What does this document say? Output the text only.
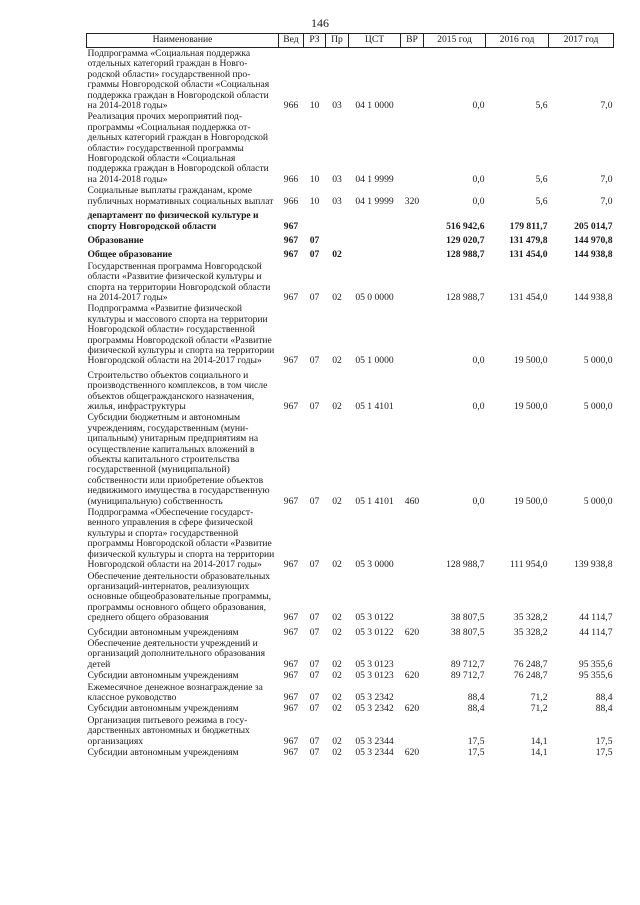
146
Наименование	Вед	РЗ	Пр	ЦСТ	ВР	2015 год	2016 год	2017 год
Подпрограмма «Социальная поддержка отдельных категорий граждан в Новгородской области» государственной программы Новгородской области «Социальная поддержка граждан в Новгородской области на 2014-2018 годы»	966	10	03	04 1 0000		0,0	5,6	7,0
Реализация прочих мероприятий подпрограммы «Социальная поддержка отдельных категорий граждан в Новгородской области» государственной программы Новгородской области «Социальная поддержка граждан в Новгородской области на 2014-2018 годы»	966	10	03	04 1 9999		0,0	5,6	7,0
Социальные выплаты гражданам, кроме публичных нормативных социальных выплат	966	10	03	04 1 9999	320	0,0	5,6	7,0
департамент по физической культуре и спорту Новгородской области	967					516 942,6	179 811,7	205 014,7
Образование	967	07				129 020,7	131 479,8	144 970,8
Общее образование	967	07	02			128 988,7	131 454,0	144 938,8
Государственная программа Новгородской области «Развитие физической культуры и спорта на территории Новгородской области на 2014-2017 годы»	967	07	02	05 0 0000		128 988,7	131 454,0	144 938,8
Подпрограмма «Развитие физической культуры и массового спорта на территории Новгородской области» государственной программы Новгородской области «Развитие физической культуры и спорта на территории Новгородской области на 2014-2017 годы»	967	07	02	05 1 0000		0,0	19 500,0	5 000,0
Строительство объектов социального и производственного комплексов, в том числе объектов общегражданского назначения, жилья, инфраструктуры	967	07	02	05 1 4101		0,0	19 500,0	5 000,0
Субсидии бюджетным и автономным учреждениям, государственным (муниципальным) унитарным предприятиям на осуществление капитальных вложений в объекты капитального строительства государственной (муниципальной) собственности или приобретение объектов недвижимого имущества в государственную (муниципальную) собственность	967	07	02	05 1 4101	460	0,0	19 500,0	5 000,0
Подпрограмма «Обеспечение государственного управления в сфере физической культуры и спорта» государственной программы Новгородской области «Развитие физической культуры и спорта на территории Новгородской области на 2014-2017 годы»	967	07	02	05 3 0000		128 988,7	111 954,0	139 938,8
Обеспечение деятельности образовательных организаций-интернатов, реализующих основные общеобразовательные программы, программы основного общего образования, среднего общего образования	967	07	02	05 3 0122		38 807,5	35 328,2	44 114,7
Субсидии автономным учреждениям	967	07	02	05 3 0122	620	38 807,5	35 328,2	44 114,7
Обеспечение деятельности учреждений и организаций дополнительного образования детей	967	07	02	05 3 0123		89 712,7	76 248,7	95 355,6
Субсидии автономным учреждениям	967	07	02	05 3 0123	620	89 712,7	76 248,7	95 355,6
Ежемесячное денежное вознаграждение за классное руководство	967	07	02	05 3 2342		88,4	71,2	88,4
Субсидии автономным учреждениям	967	07	02	05 3 2342	620	88,4	71,2	88,4
Организация питьевого режима в государственных автономных и бюджетных организациях	967	07	02	05 3 2344		17,5	14,1	17,5
Субсидии автономным учреждениям	967	07	02	05 3 2344	620	17,5	14,1	17,5
